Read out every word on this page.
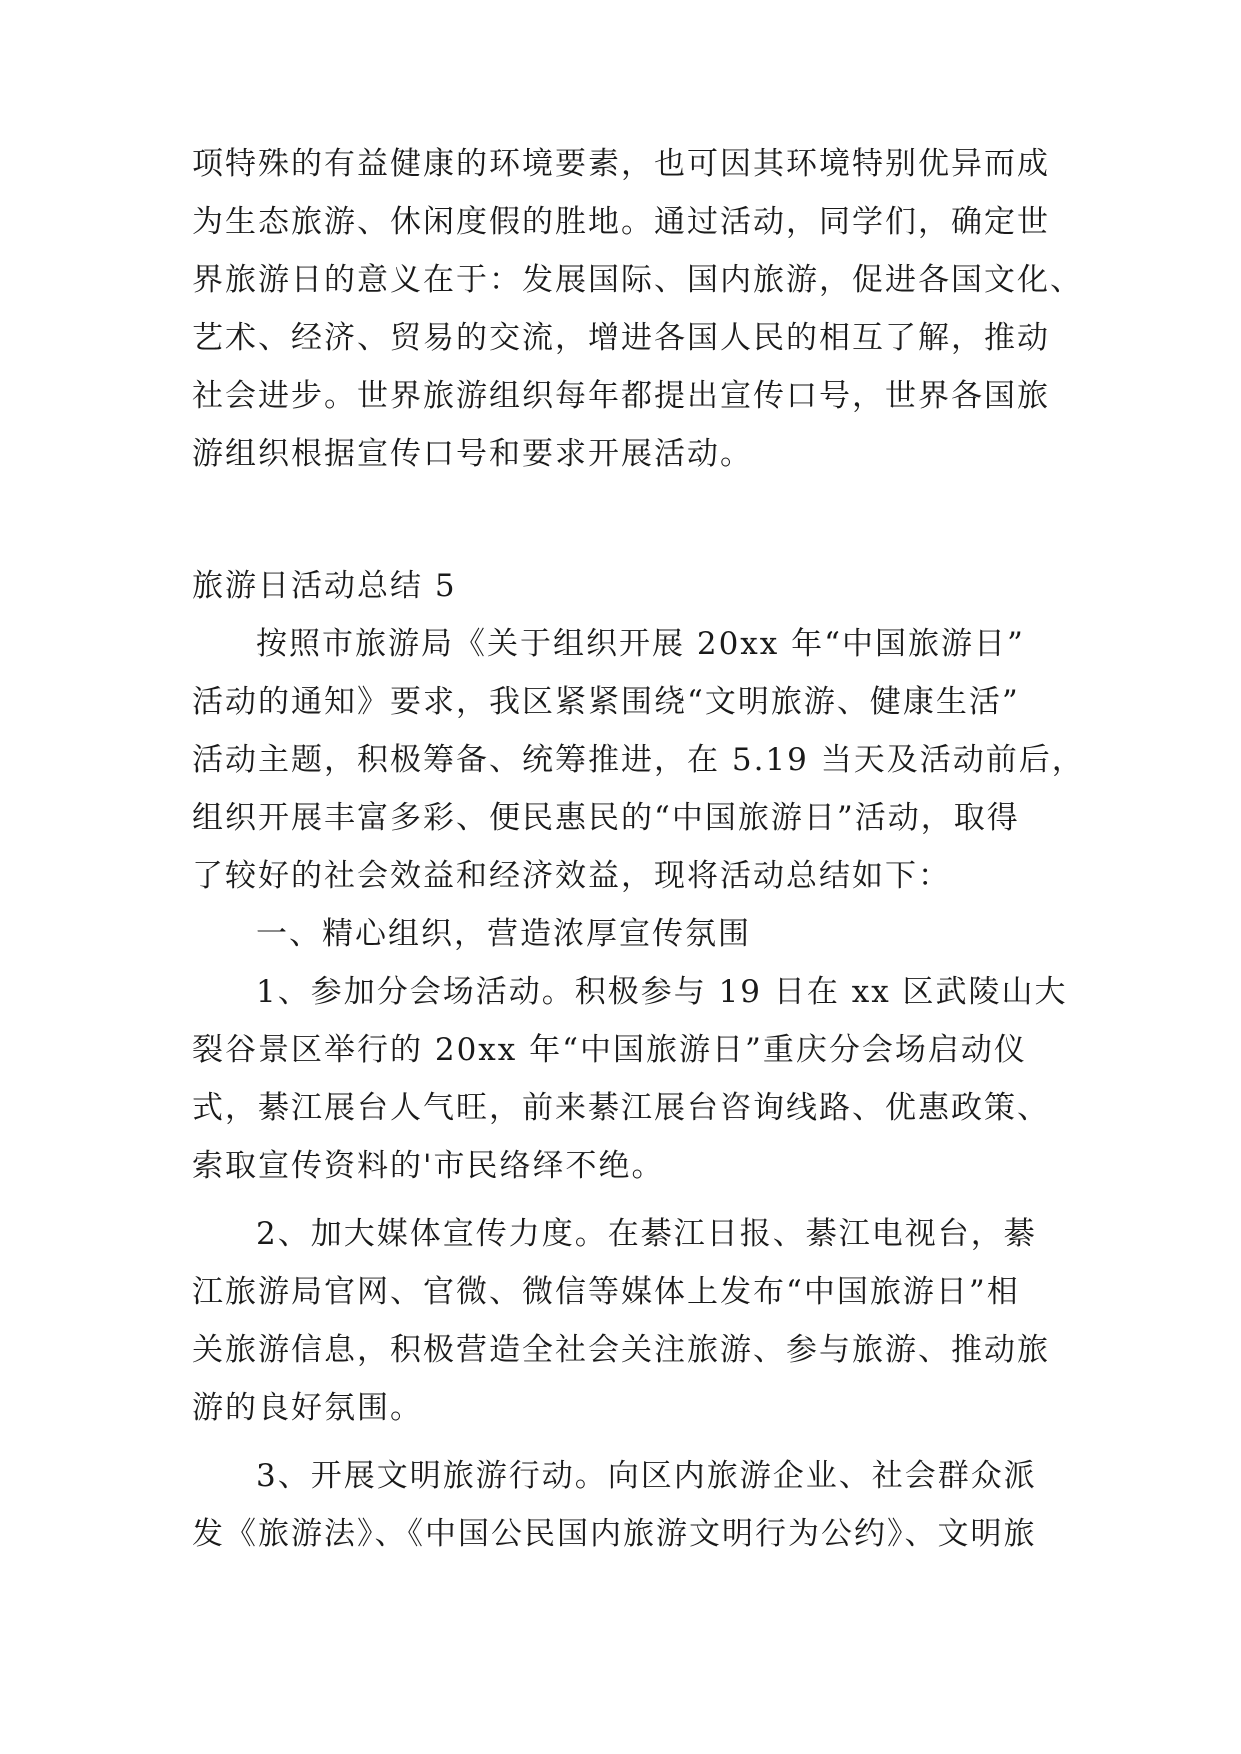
项特殊的有益健康的环境要素，也可因其环境特别优异而成
为生态旅游、休闲度假的胜地。通过活动，同学们，确定世
界旅游日的意义在于：发展国际、国内旅游，促进各国文化、
艺术、经济、贸易的交流，增进各国人民的相互了解，推动
社会进步。世界旅游组织每年都提出宣传口号，世界各国旅
游组织根据宣传口号和要求开展活动。
旅游日活动总结 5
按照市旅游局《关于组织开展 20xx 年“中国旅游日”
活动的通知》要求，我区紧紧围绕“文明旅游、健康生活”
活动主题，积极筹备、统筹推进，在 5.19 当天及活动前后，
组织开展丰富多彩、便民惠民的“中国旅游日”活动，取得
了较好的社会效益和经济效益，现将活动总结如下：
一、精心组织，营造浓厚宣传氛围
1、参加分会场活动。积极参与 19 日在 xx 区武陵山大
裂谷景区举行的 20xx 年“中国旅游日”重庆分会场启动仪
式，綦江展台人气旺，前来綦江展台咨询线路、优惠政策、
索取宣传资料的'市民络绎不绝。
2、加大媒体宣传力度。在綦江日报、綦江电视台，綦
江旅游局官网、官微、微信等媒体上发布“中国旅游日”相
关旅游信息，积极营造全社会关注旅游、参与旅游、推动旅
游的良好氛围。
3、开展文明旅游行动。向区内旅游企业、社会群众派
发《旅游法》、《中国公民国内旅游文明行为公约》、文明旅
